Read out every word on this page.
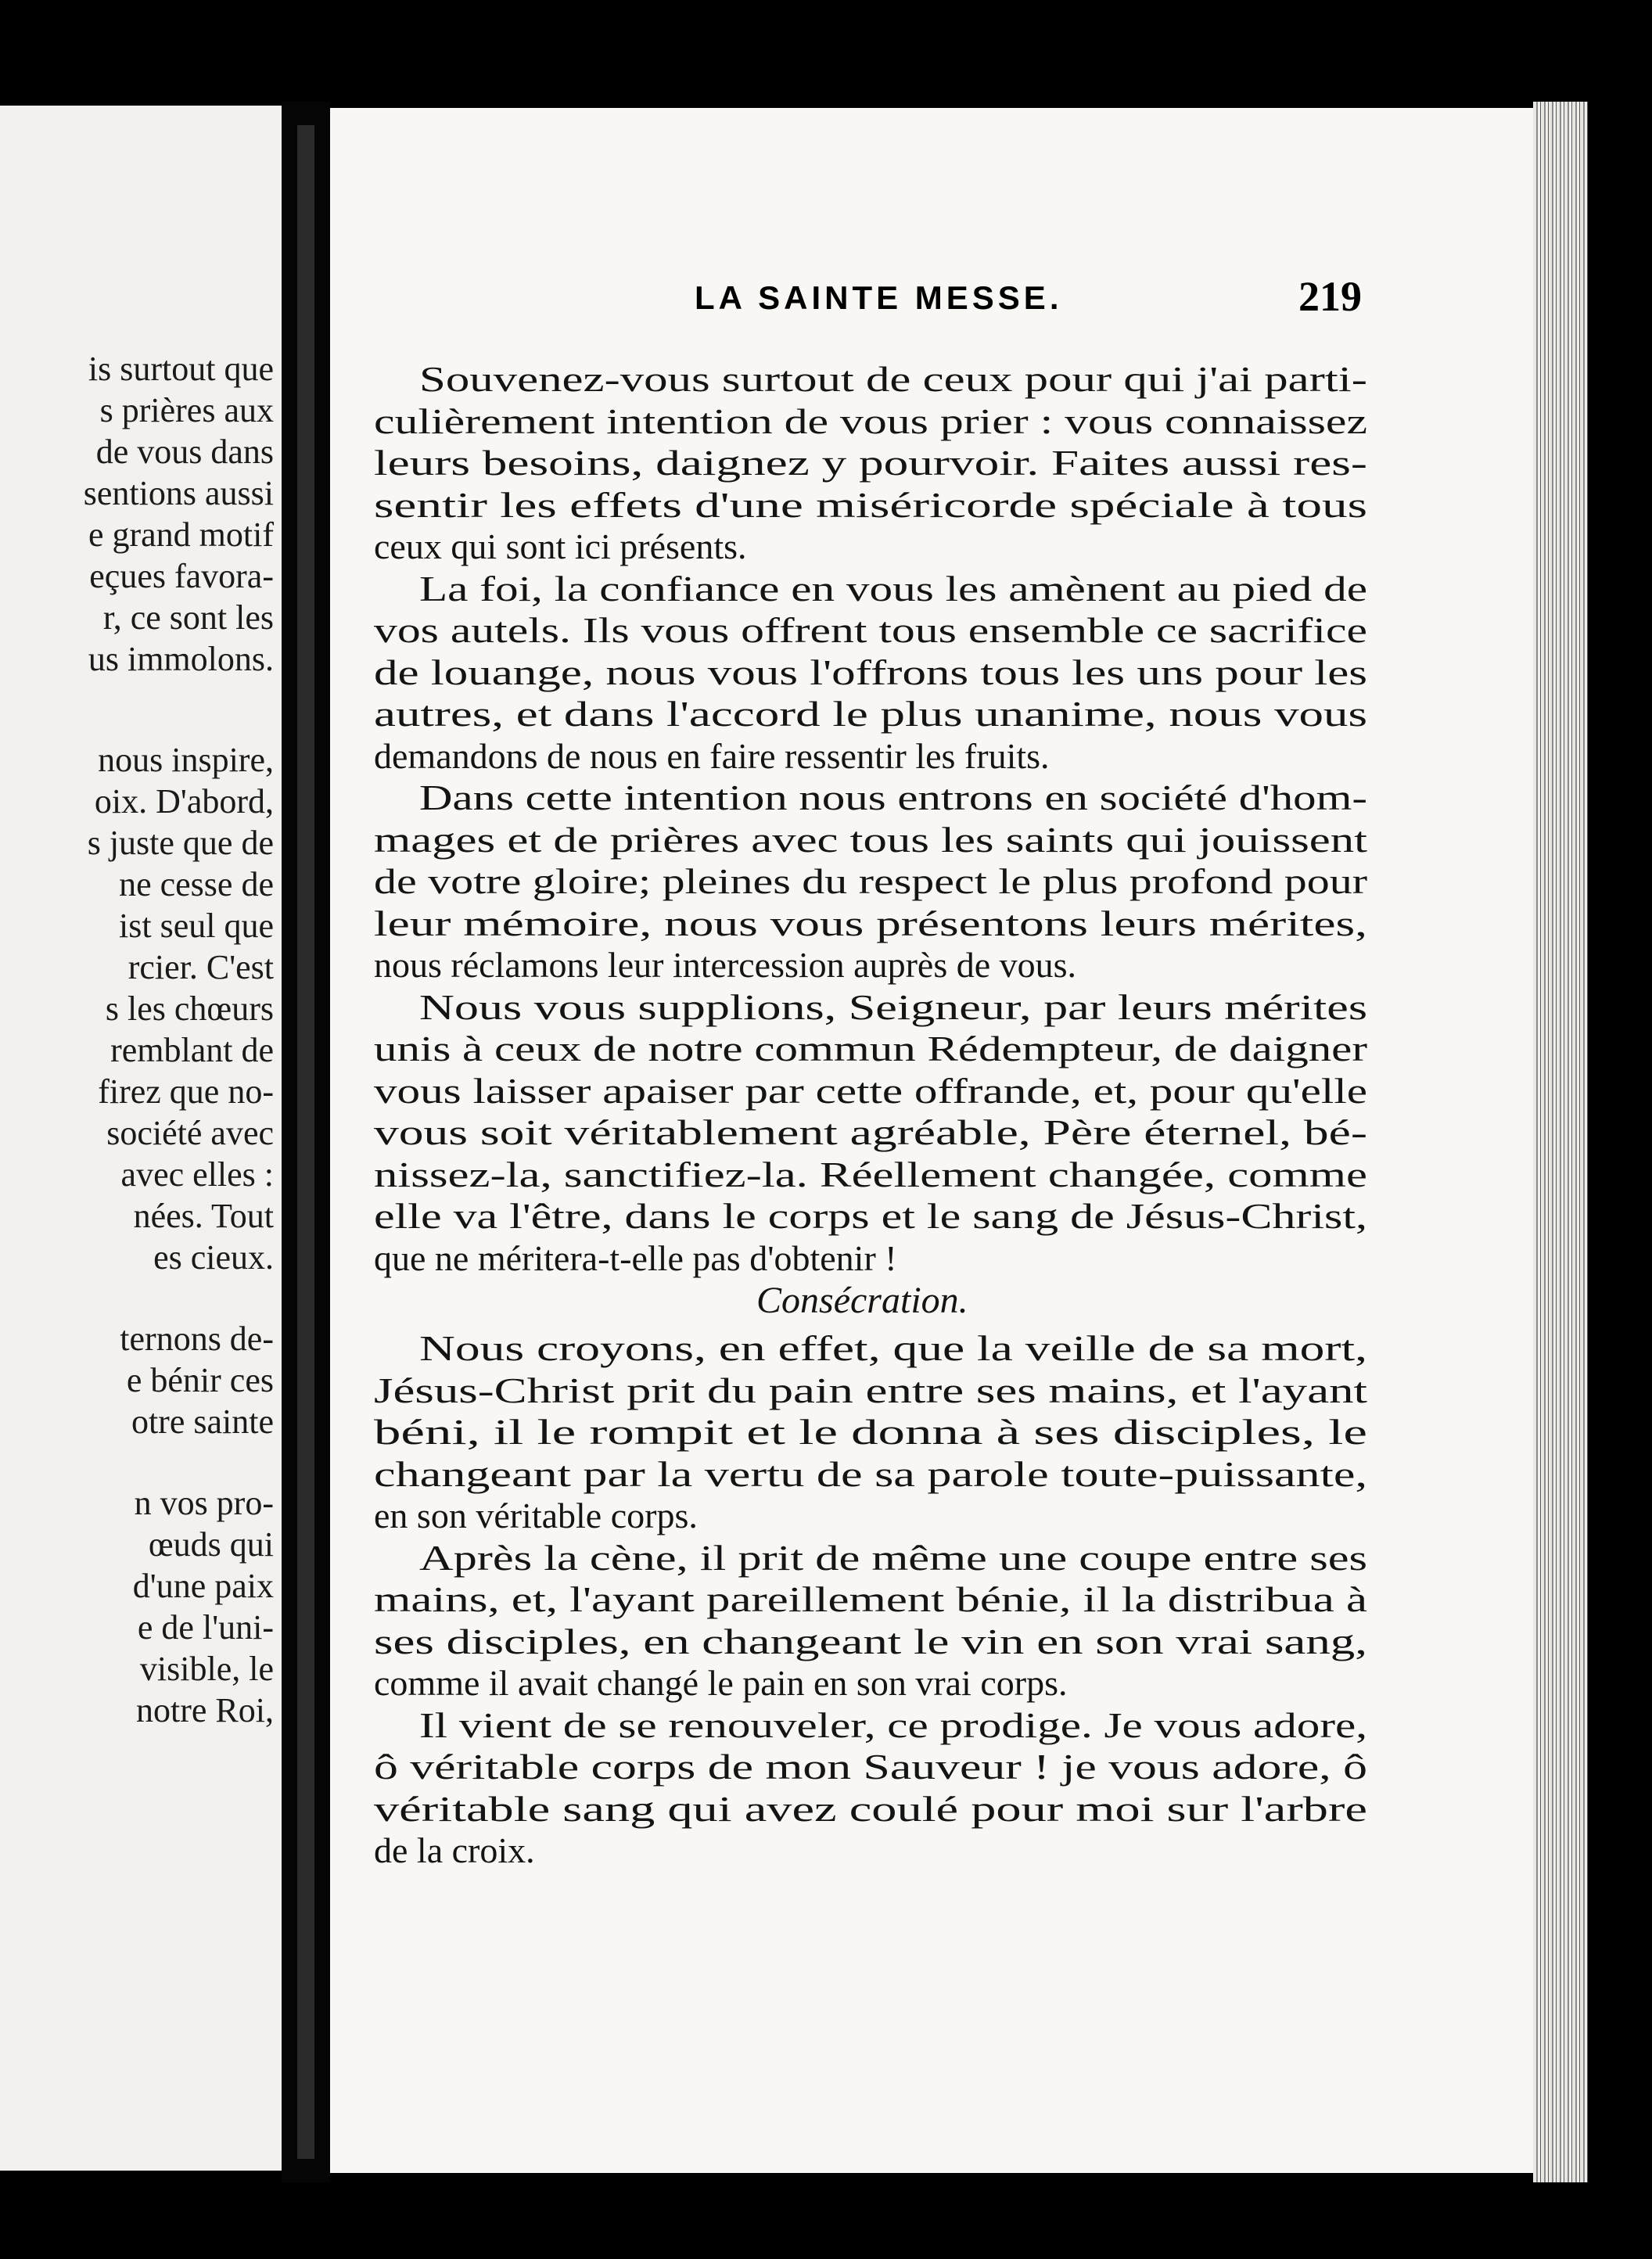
is surtout que
s prières aux
de vous dans
sentions aussi
e grand motif
eçues favora-
r, ce sont les
us immolons.
nous inspire,
oix. D'abord,
s juste que de
ne cesse de
ist seul que
rcier. C'est
s les chœurs
remblant de
firez que no-
société avec
avec elles :
nées. Tout
es cieux.
ternons de-
e bénir ces
otre sainte
n vos pro-
œuds qui
d'une paix
e de l'uni-
visible, le
notre Roi,
LA SAINTE MESSE.	219
Souvenez-vous surtout de ceux pour qui j'ai parti-
culièrement intention de vous prier : vous connaissez
leurs besoins, daignez y pourvoir. Faites aussi res-
sentir les effets d'une miséricorde spéciale à tous
ceux qui sont ici présents.
La foi, la confiance en vous les amènent au pied de
vos autels. Ils vous offrent tous ensemble ce sacrifice
de louange, nous vous l'offrons tous les uns pour les
autres, et dans l'accord le plus unanime, nous vous
demandons de nous en faire ressentir les fruits.
Dans cette intention nous entrons en société d'hom-
mages et de prières avec tous les saints qui jouissent
de votre gloire; pleines du respect le plus profond pour
leur mémoire, nous vous présentons leurs mérites,
nous réclamons leur intercession auprès de vous.
Nous vous supplions, Seigneur, par leurs mérites
unis à ceux de notre commun Rédempteur, de daigner
vous laisser apaiser par cette offrande, et, pour qu'elle
vous soit véritablement agréable, Père éternel, bé-
nissez-la, sanctifiez-la. Réellement changée, comme
elle va l'être, dans le corps et le sang de Jésus-Christ,
que ne méritera-t-elle pas d'obtenir !
Nous croyons, en effet, que la veille de sa mort,
Jésus-Christ prit du pain entre ses mains, et l'ayant
béni, il le rompit et le donna à ses disciples, le
changeant par la vertu de sa parole toute-puissante,
en son véritable corps.
Après la cène, il prit de même une coupe entre ses
mains, et, l'ayant pareillement bénie, il la distribua à
ses disciples, en changeant le vin en son vrai sang,
comme il avait changé le pain en son vrai corps.
Il vient de se renouveler, ce prodige. Je vous adore,
ô véritable corps de mon Sauveur ! je vous adore, ô
véritable sang qui avez coulé pour moi sur l'arbre
de la croix.
Consécration.
